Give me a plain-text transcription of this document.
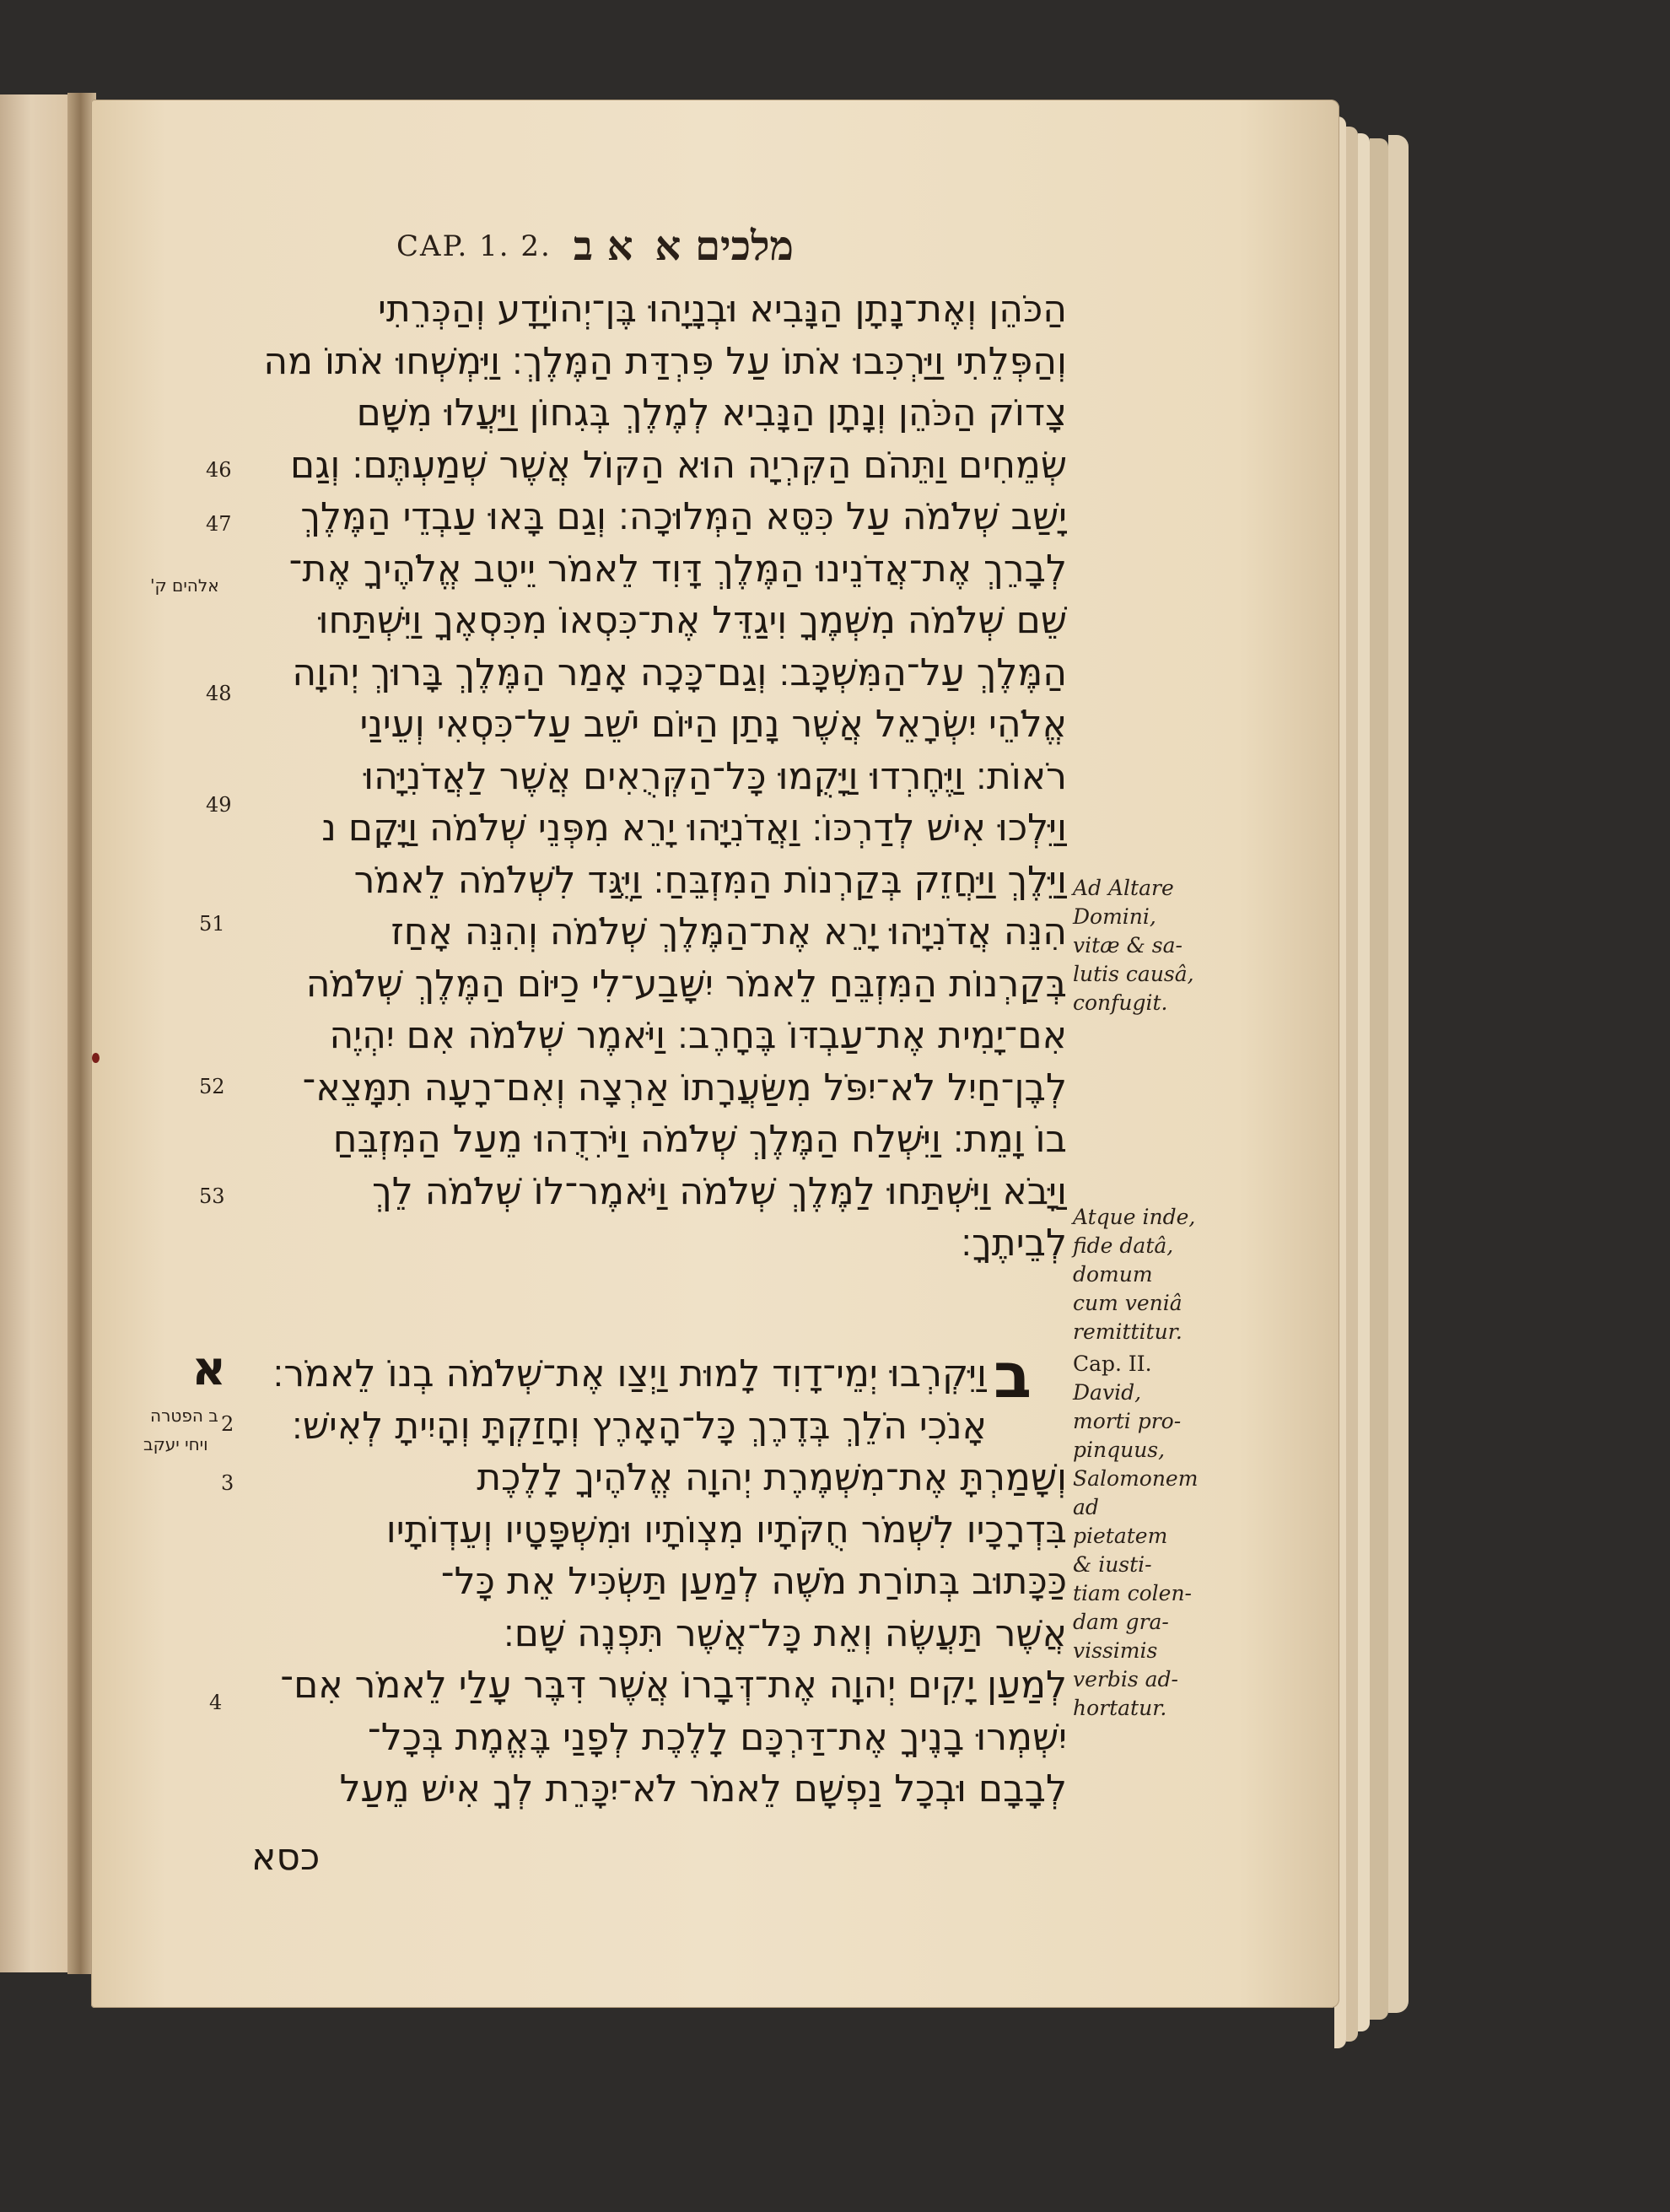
CAP. 1. 2. א ב מלכים א
הַכֹּהֵן וְאֶת־נָתָן הַנָּבִיא וּבְנָיָהוּ בֶּן־יְהוֹיָדָע וְהַכְּרֵתִי
וְהַפְּלֵתִי וַיַּרְכִּבוּ אֹתוֹ עַל פִּרְדַּת הַמֶּלֶךְ׃ וַיִּמְשְׁחוּ אֹתוֹ מה
צָדוֹק הַכֹּהֵן וְנָתָן הַנָּבִיא לְמֶלֶךְ בְּגִחוֹן וַיַּעֲלוּ מִשָּׁם
שְׂמֵחִים וַתֵּהֹם הַקִּרְיָה הוּא הַקּוֹל אֲשֶׁר שְׁמַעְתֶּם׃ וְגַם
יָשַׁב שְׁלֹמֹה עַל כִּסֵּא הַמְּלוּכָה׃ וְגַם בָּאוּ עַבְדֵי הַמֶּלֶךְ
לְבָרֵךְ אֶת־אֲדֹנֵינוּ הַמֶּלֶךְ דָּוִד לֵאמֹר יֵיטֵב אֱלֹהֶיךָ אֶת־
שֵׁם שְׁלֹמֹה מִשְּׁמֶךָ וִיגַדֵּל אֶת־כִּסְאוֹ מִכִּסְאֶךָ וַיִּשְׁתַּחוּ
הַמֶּלֶךְ עַל־הַמִּשְׁכָּב׃ וְגַם־כָּכָה אָמַר הַמֶּלֶךְ בָּרוּךְ יְהוָה
אֱלֹהֵי יִשְׂרָאֵל אֲשֶׁר נָתַן הַיּוֹם יֹשֵׁב עַל־כִּסְאִי וְעֵינַי
רֹאוֹת׃ וַיֶּחֶרְדוּ וַיָּקֻמוּ כָּל־הַקְּרֻאִים אֲשֶׁר לַאֲדֹנִיָּהוּ
וַיֵּלְכוּ אִישׁ לְדַרְכּוֹ׃ וַאֲדֹנִיָּהוּ יָרֵא מִפְּנֵי שְׁלֹמֹה וַיָּקָם נ
וַיֵּלֶךְ וַיַּחֲזֵק בְּקַרְנוֹת הַמִּזְבֵּחַ׃ וַיֻּגַּד לִשְׁלֹמֹה לֵאמֹר
הִנֵּה אֲדֹנִיָּהוּ יָרֵא אֶת־הַמֶּלֶךְ שְׁלֹמֹה וְהִנֵּה אָחַז
בְּקַרְנוֹת הַמִּזְבֵּחַ לֵאמֹר יִשָּׁבַע־לִי כַיּוֹם הַמֶּלֶךְ שְׁלֹמֹה
אִם־יָמִית אֶת־עַבְדּוֹ בֶּחָרֶב׃ וַיֹּאמֶר שְׁלֹמֹה אִם יִהְיֶה
לְבֶן־חַיִל לֹא־יִפֹּל מִשַּׂעֲרָתוֹ אַרְצָה וְאִם־רָעָה תִמָּצֵא־
בוֹ וָמֵת׃ וַיִּשְׁלַח הַמֶּלֶךְ שְׁלֹמֹה וַיֹּרִדֻהוּ מֵעַל הַמִּזְבֵּחַ
וַיָּבֹא וַיִּשְׁתַּחוּ לַמֶּלֶךְ שְׁלֹמֹה וַיֹּאמֶר־לוֹ שְׁלֹמֹה לֵךְ
לְבֵיתֶךָ׃
וַיִּקְרְבוּ יְמֵי־דָוִד לָמוּת וַיְצַו אֶת־שְׁלֹמֹה בְנוֹ לֵאמֹר׃
אָנֹכִי הֹלֵךְ בְּדֶרֶךְ כָּל־הָאָרֶץ וְחָזַקְתָּ וְהָיִיתָ לְאִישׁ׃
וְשָׁמַרְתָּ אֶת־מִשְׁמֶרֶת יְהוָה אֱלֹהֶיךָ לָלֶכֶת
בִּדְרָכָיו לִשְׁמֹר חֻקֹּתָיו מִצְוֹתָיו וּמִשְׁפָּטָיו וְעֵדְוֹתָיו
כַּכָּתוּב בְּתוֹרַת מֹשֶׁה לְמַעַן תַּשְׂכִּיל אֵת כָּל־
אֲשֶׁר תַּעֲשֶׂה וְאֵת כָּל־אֲשֶׁר תִּפְנֶה שָׁם׃
לְמַעַן יָקִים יְהוָה אֶת־דְּבָרוֹ אֲשֶׁר דִּבֶּר עָלַי לֵאמֹר אִם־
יִשְׁמְרוּ בָנֶיךָ אֶת־דַּרְכָּם לָלֶכֶת לְפָנַי בֶּאֱמֶת בְּכָל־
לְבָבָם וּבְכָל נַפְשָׁם לֵאמֹר לֹא־יִכָּרֵת לְךָ אִישׁ מֵעַל
46
47
48
49
51
52
53
2
3
4
אלהים ק'
ב
א
ב הפטרה
ויחי יעקב
Ad Altare
Domini,
vitæ & sa-
lutis causâ,
confugit.
Atque inde,
fide datâ,
domum
cum veniâ
remittitur.
Cap. II.
David,
morti pro-
pinquus,
Salomonem
ad pietatem
& iusti-
tiam colen-
dam gra-
vissimis
verbis ad-
hortatur.
כסא
